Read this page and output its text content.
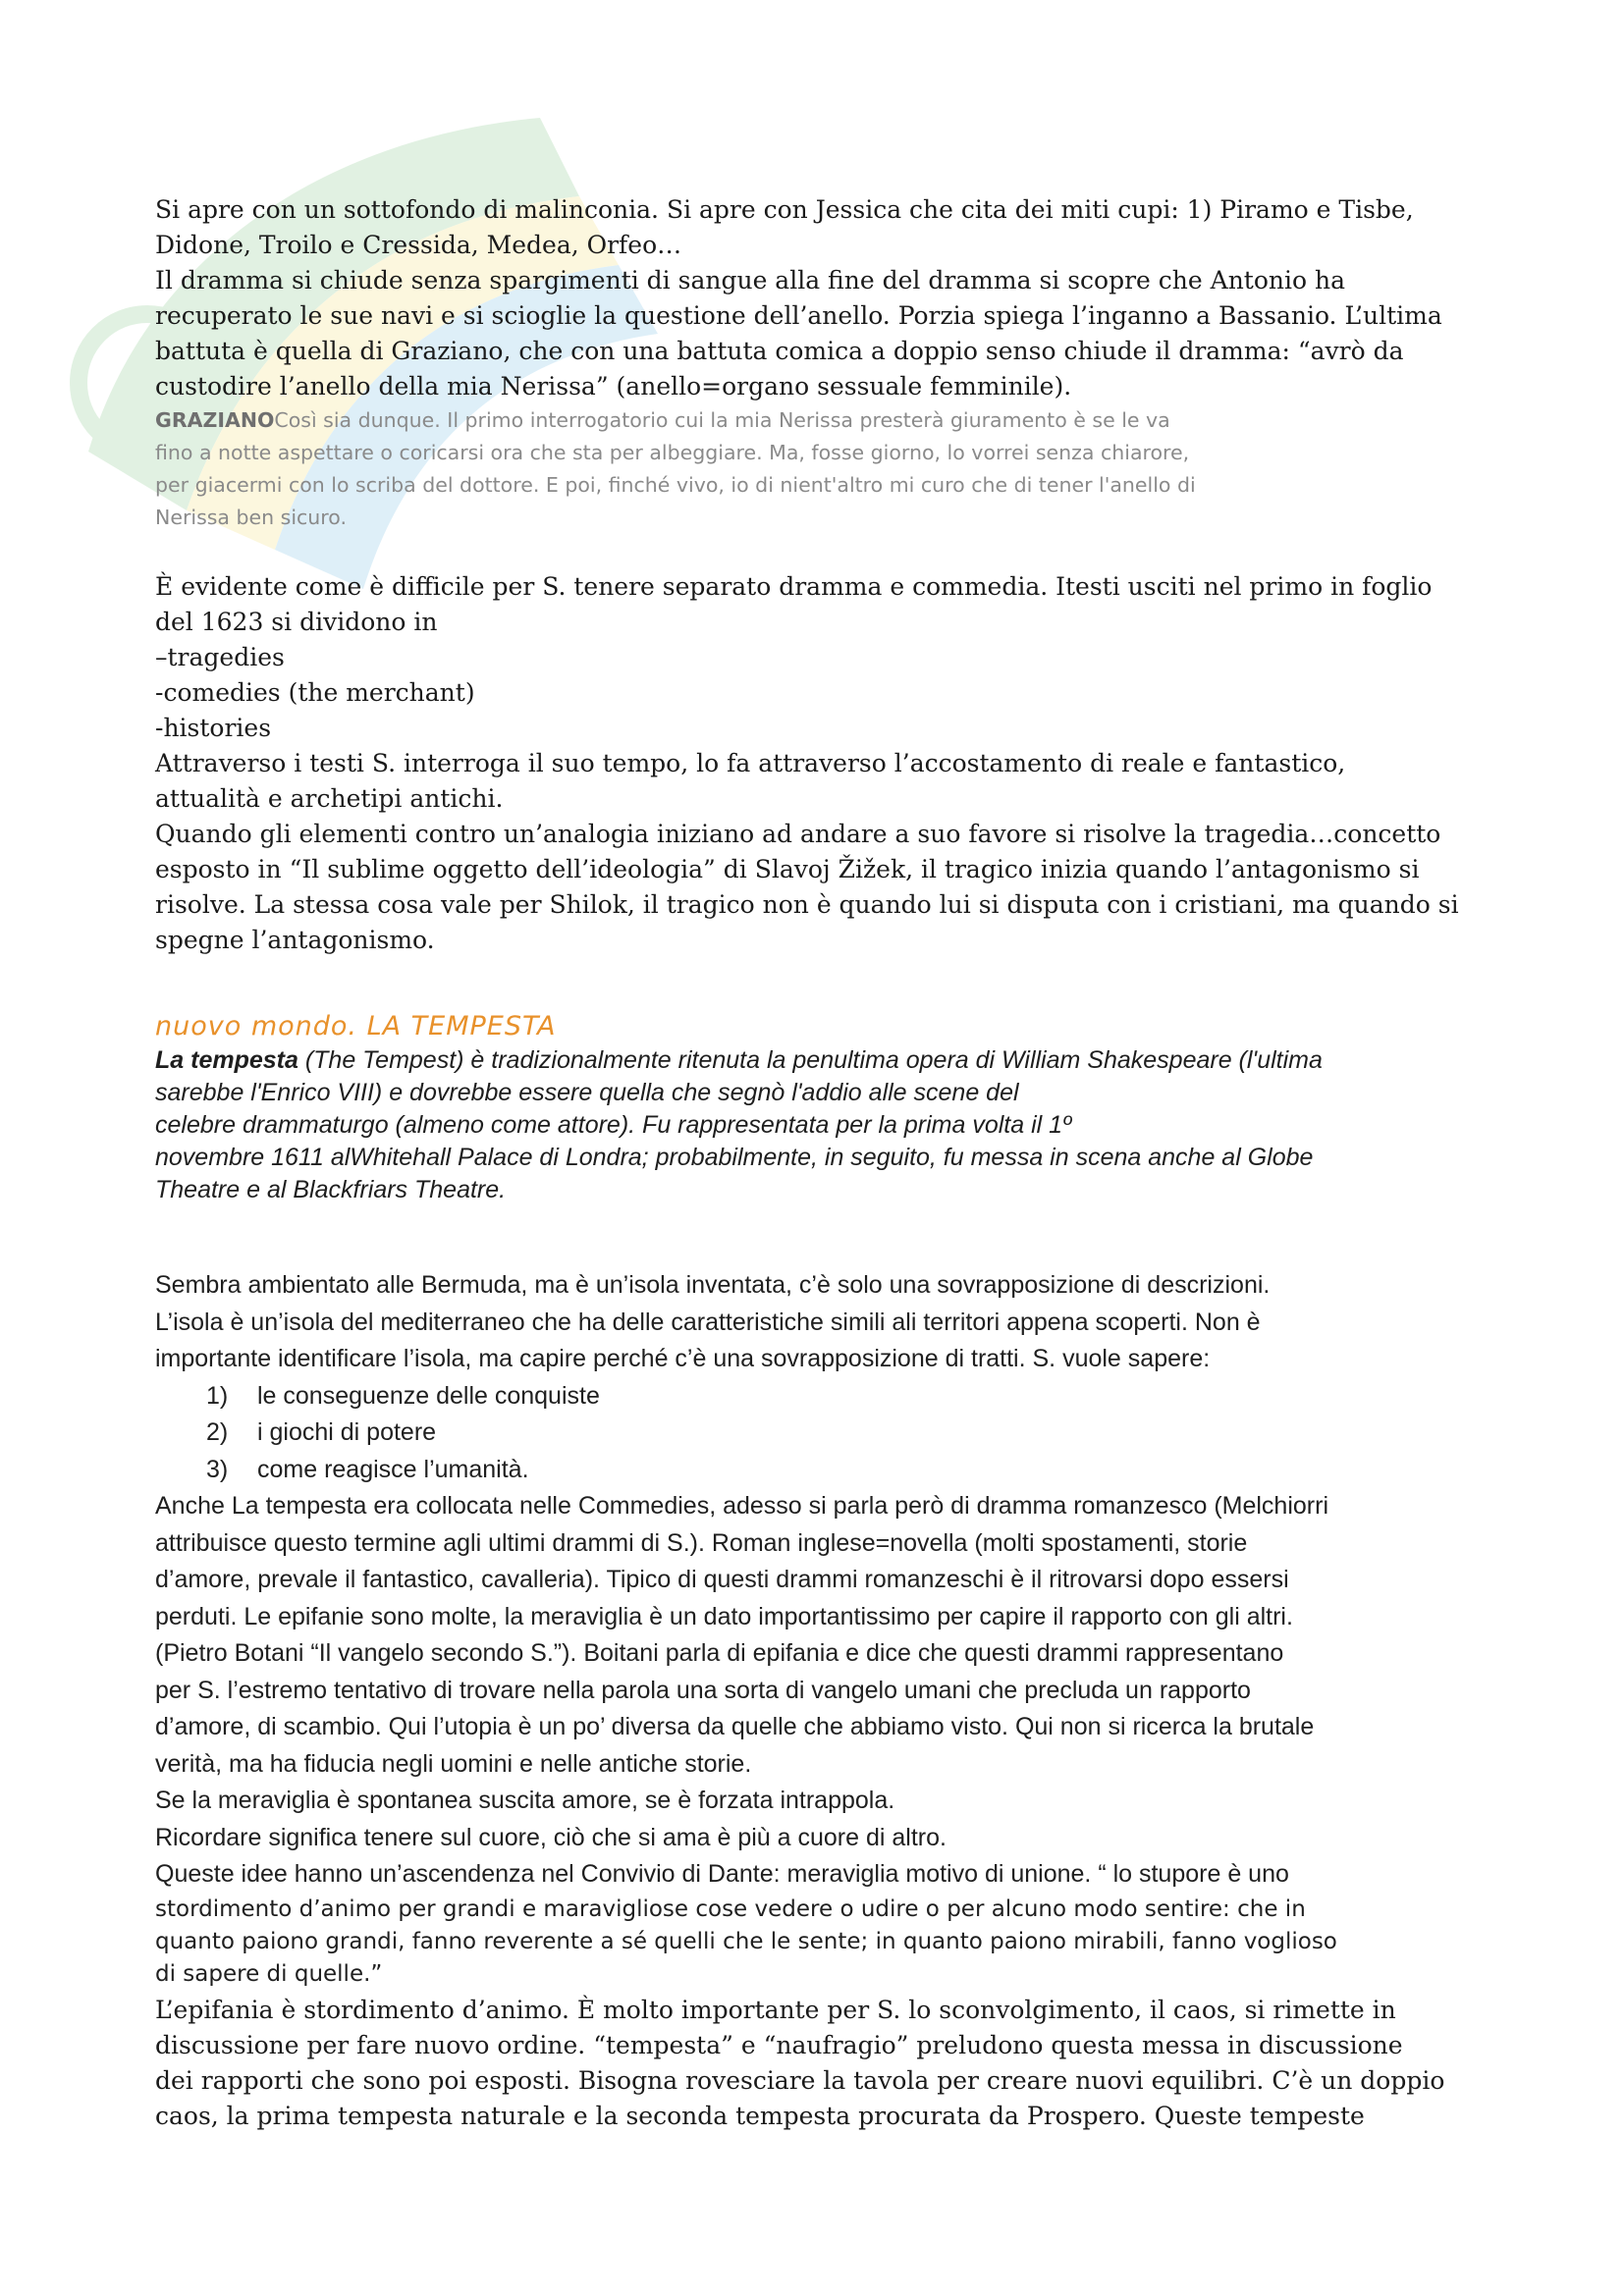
Si apre con un sottofondo di malinconia. Si apre con Jessica che cita dei miti cupi: 1) Piramo e Tisbe,

Didone, Troilo e Cressida, Medea, Orfeo…

Il dramma si chiude senza spargimenti di sangue alla fine del dramma si scopre che Antonio ha

recuperato le sue navi e si scioglie la questione dell’anello. Porzia spiega l’inganno a Bassanio. L’ultima

battuta è quella di Graziano, che con una battuta comica a doppio senso chiude il dramma: “avrò da

custodire l’anello della mia Nerissa” (anello=organo sessuale femminile).

GRAZIANOCosì sia dunque. Il primo interrogatorio cui la mia Nerissa presterà giuramento è se le va
fino a notte aspettare o coricarsi ora che sta per albeggiare. Ma, fosse giorno, lo vorrei senza chiarore,
per giacermi con lo scriba del dottore. E poi, finché vivo, io di nient'altro mi curo che di tener l'anello di
Nerissa ben sicuro.

È evidente come è difficile per S. tenere separato dramma e commedia. Itesti usciti nel primo in foglio

del 1623 si dividono in

–tragedies

-comedies (the merchant)

-histories

Attraverso i testi S. interroga il suo tempo, lo fa attraverso l’accostamento di reale e fantastico,

attualità e archetipi antichi.

Quando gli elementi contro un’analogia iniziano ad andare a suo favore si risolve la tragedia…concetto

esposto in “Il sublime oggetto dell’ideologia” di Slavoj Žižek, il tragico inizia quando l’antagonismo si

risolve. La stessa cosa vale per Shilok, il tragico non è quando lui si disputa con i cristiani, ma quando si

spegne l’antagonismo.

nuovo mondo. LA TEMPESTA

La tempesta (The Tempest) è tradizionalmente ritenuta la penultima opera di William Shakespeare (l'ultima

sarebbe l'Enrico VIII) e dovrebbe essere quella che segnò l'addio alle scene del

celebre drammaturgo (almeno come attore). Fu rappresentata per la prima volta il 1º

novembre 1611 alWhitehall Palace di Londra; probabilmente, in seguito, fu messa in scena anche al Globe

Theatre e al Blackfriars Theatre.

Sembra ambientato alle Bermuda, ma è un’isola inventata, c’è solo una sovrapposizione di descrizioni.

L’isola è un’isola del mediterraneo che ha delle caratteristiche simili ali territori appena scoperti. Non è

importante identificare l’isola, ma capire perché c’è una sovrapposizione di tratti. S. vuole sapere:

1) le conseguenze delle conquiste
2) i giochi di potere
3) come reagisce l’umanità.

Anche La tempesta era collocata nelle Commedies, adesso si parla però di dramma romanzesco (Melchiorri

attribuisce questo termine agli ultimi drammi di S.). Roman inglese=novella (molti spostamenti, storie

d’amore, prevale il fantastico, cavalleria). Tipico di questi drammi romanzeschi è il ritrovarsi dopo essersi

perduti. Le epifanie sono molte, la meraviglia è un dato importantissimo per capire il rapporto con gli altri.

(Pietro Botani “Il vangelo secondo S.”). Boitani parla di epifania e dice che questi drammi rappresentano

per S. l’estremo tentativo di trovare nella parola una sorta di vangelo umani che precluda un rapporto

d’amore, di scambio. Qui l’utopia è un po’ diversa da quelle che abbiamo visto. Qui non si ricerca la brutale

verità, ma ha fiducia negli uomini e nelle antiche storie.

Se la meraviglia è spontanea suscita amore, se è forzata intrappola.

Ricordare significa tenere sul cuore, ciò che si ama è più a cuore di altro.

Queste idee hanno un’ascendenza nel Convivio di Dante: meraviglia motivo di unione. “ lo stupore è uno

stordimento d’animo per grandi e maravigliose cose vedere o udire o per alcuno modo sentire: che in

quanto paiono grandi, fanno reverente a sé quelli che le sente; in quanto paiono mirabili, fanno voglioso

di sapere di quelle.”

L’epifania è stordimento d’animo. È molto importante per S. lo sconvolgimento, il caos, si rimette in

discussione per fare nuovo ordine. “tempesta” e “naufragio” preludono questa messa in discussione

dei rapporti che sono poi esposti. Bisogna rovesciare la tavola per creare nuovi equilibri. C’è un doppio

caos, la prima tempesta naturale e la seconda tempesta procurata da Prospero. Queste tempeste
